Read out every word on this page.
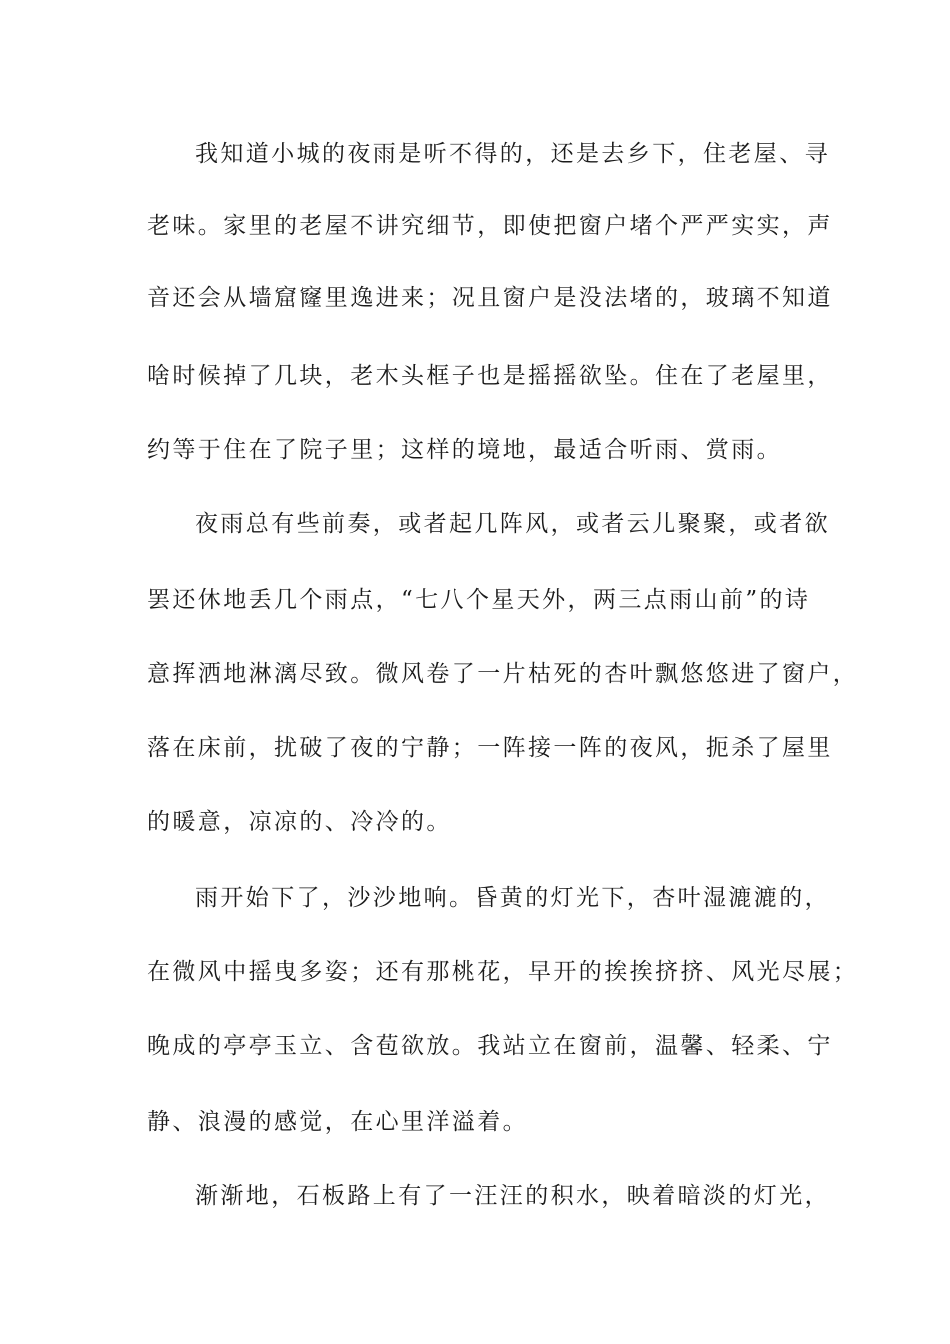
我知道小城的夜雨是听不得的，还是去乡下，住老屋、寻
老味。家里的老屋不讲究细节，即使把窗户堵个严严实实，声
音还会从墙窟窿里逸进来；况且窗户是没法堵的，玻璃不知道
啥时候掉了几块，老木头框子也是摇摇欲坠。住在了老屋里，
约等于住在了院子里；这样的境地，最适合听雨、赏雨。
夜雨总有些前奏，或者起几阵风，或者云儿聚聚，或者欲
罢还休地丢几个雨点，“七八个星天外，两三点雨山前”的诗
意挥洒地淋漓尽致。微风卷了一片枯死的杏叶飘悠悠进了窗户，
落在床前，扰破了夜的宁静；一阵接一阵的夜风，扼杀了屋里
的暖意，凉凉的、冷冷的。
雨开始下了，沙沙地响。昏黄的灯光下，杏叶湿漉漉的，
在微风中摇曳多姿；还有那桃花，早开的挨挨挤挤、风光尽展；
晚成的亭亭玉立、含苞欲放。我站立在窗前，温馨、轻柔、宁
静、浪漫的感觉，在心里洋溢着。
渐渐地，石板路上有了一汪汪的积水，映着暗淡的灯光，
